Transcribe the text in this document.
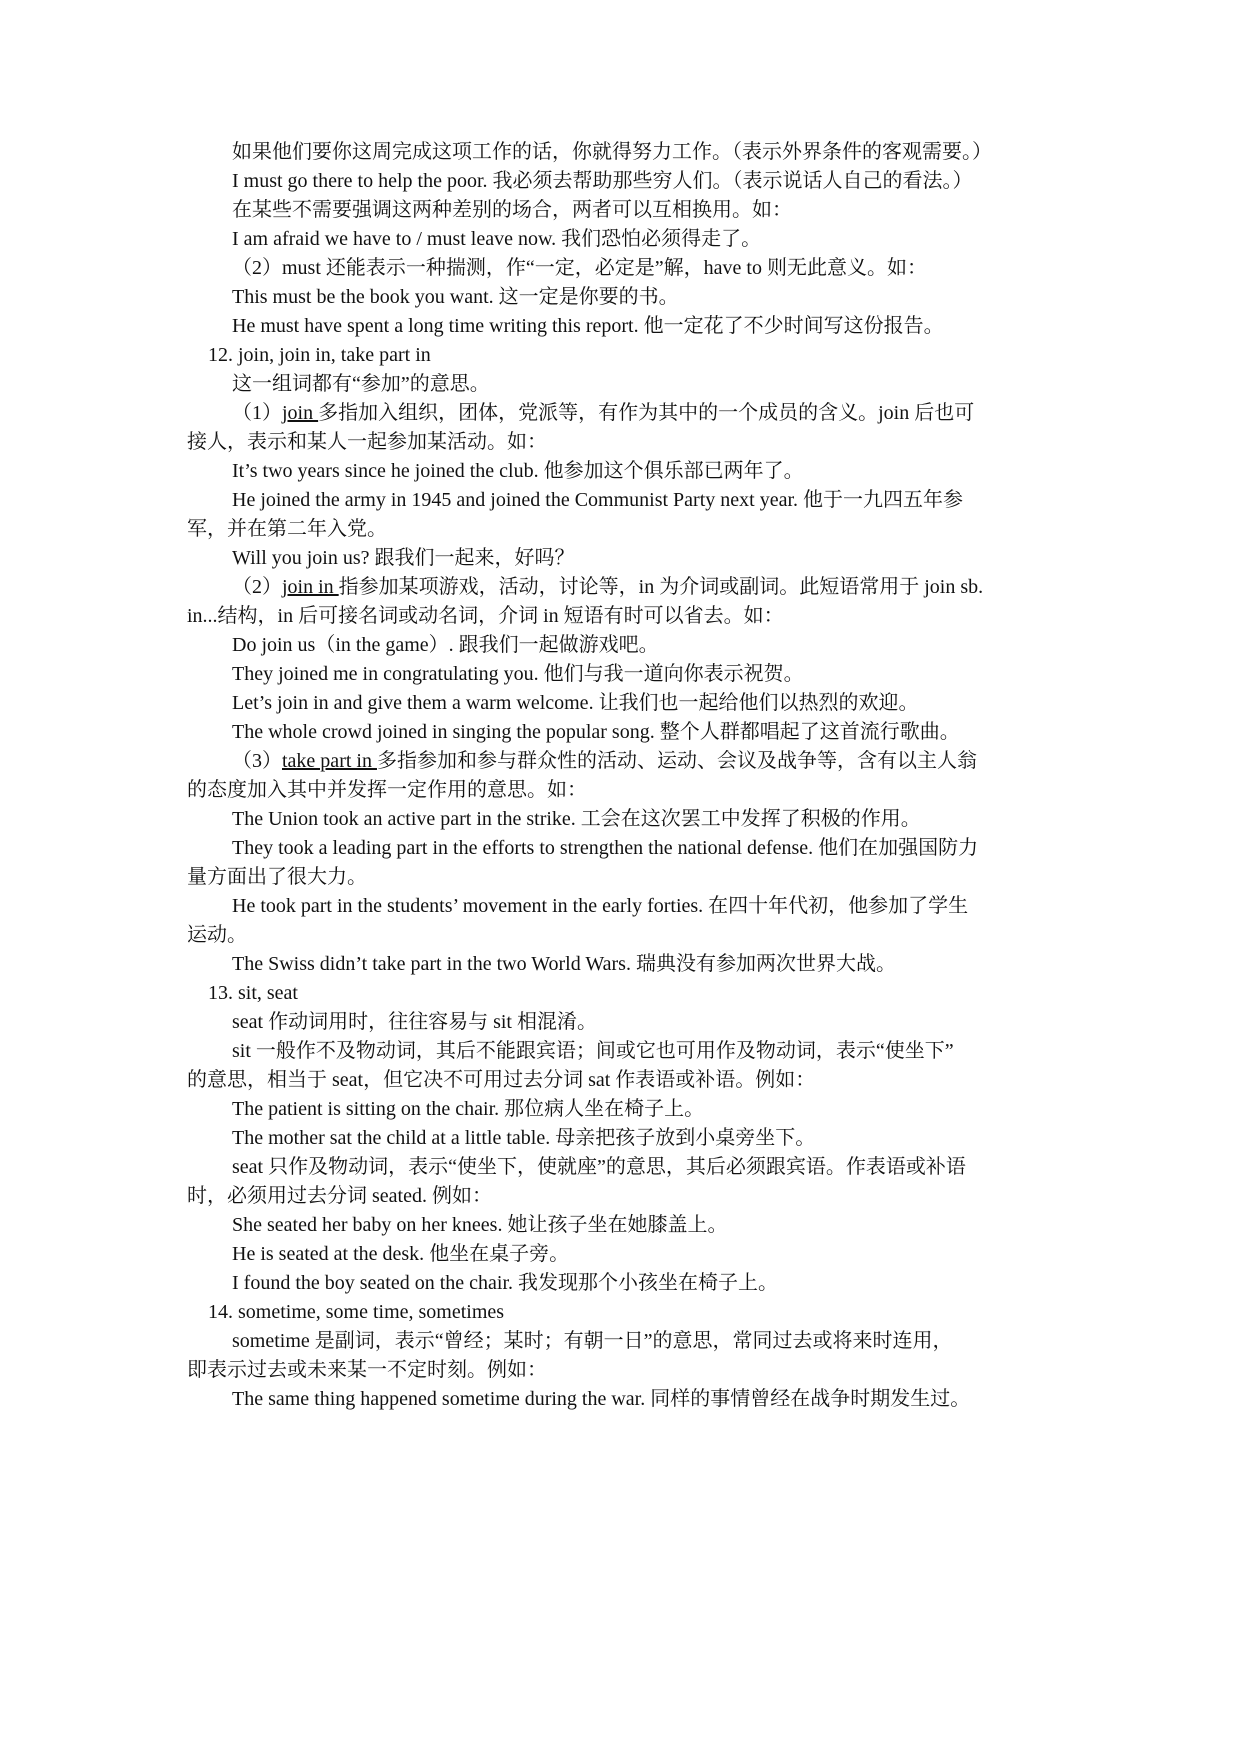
如果他们要你这周完成这项工作的话，你就得努力工作。（表示外界条件的客观需要。）
I must go there to help the poor. 我必须去帮助那些穷人们。（表示说话人自己的看法。）
在某些不需要强调这两种差别的场合，两者可以互相换用。如：
I am afraid we have to / must leave now. 我们恐怕必须得走了。
（2）must 还能表示一种揣测，作“一定，必定是”解，have to 则无此意义。如：
This must be the book you want. 这一定是你要的书。
He must have spent a long time writing this report. 他一定花了不少时间写这份报告。
12. join, join in, take part in
这一组词都有“参加”的意思。
（1）join 多指加入组织，团体，党派等，有作为其中的一个成员的含义。join 后也可
接人，表示和某人一起参加某活动。如：
It’s two years since he joined the club. 他参加这个俱乐部已两年了。
He joined the army in 1945 and joined the Communist Party next year. 他于一九四五年参
军，并在第二年入党。
Will you join us? 跟我们一起来，好吗？
（2）join in 指参加某项游戏，活动，讨论等，in 为介词或副词。此短语常用于 join sb.
in...结构，in 后可接名词或动名词，介词 in 短语有时可以省去。如：
Do join us（in the game）. 跟我们一起做游戏吧。
They joined me in congratulating you. 他们与我一道向你表示祝贺。
Let’s join in and give them a warm welcome. 让我们也一起给他们以热烈的欢迎。
The whole crowd joined in singing the popular song. 整个人群都唱起了这首流行歌曲。
（3）take part in 多指参加和参与群众性的活动、运动、会议及战争等，含有以主人翁
的态度加入其中并发挥一定作用的意思。如：
The Union took an active part in the strike. 工会在这次罢工中发挥了积极的作用。
They took a leading part in the efforts to strengthen the national defense. 他们在加强国防力
量方面出了很大力。
He took part in the students’ movement in the early forties. 在四十年代初，他参加了学生
运动。
The Swiss didn’t take part in the two World Wars. 瑞典没有参加两次世界大战。
13. sit, seat
seat 作动词用时，往往容易与 sit 相混淆。
sit 一般作不及物动词，其后不能跟宾语；间或它也可用作及物动词，表示“使坐下”
的意思，相当于 seat，但它决不可用过去分词 sat 作表语或补语。例如：
The patient is sitting on the chair. 那位病人坐在椅子上。
The mother sat the child at a little table. 母亲把孩子放到小桌旁坐下。
seat 只作及物动词，表示“使坐下，使就座”的意思，其后必须跟宾语。作表语或补语
时，必须用过去分词 seated. 例如：
She seated her baby on her knees. 她让孩子坐在她膝盖上。
He is seated at the desk. 他坐在桌子旁。
I found the boy seated on the chair. 我发现那个小孩坐在椅子上。
14. sometime, some time, sometimes
sometime 是副词，表示“曾经；某时；有朝一日”的意思，常同过去或将来时连用，
即表示过去或未来某一不定时刻。例如：
The same thing happened sometime during the war. 同样的事情曾经在战争时期发生过。
